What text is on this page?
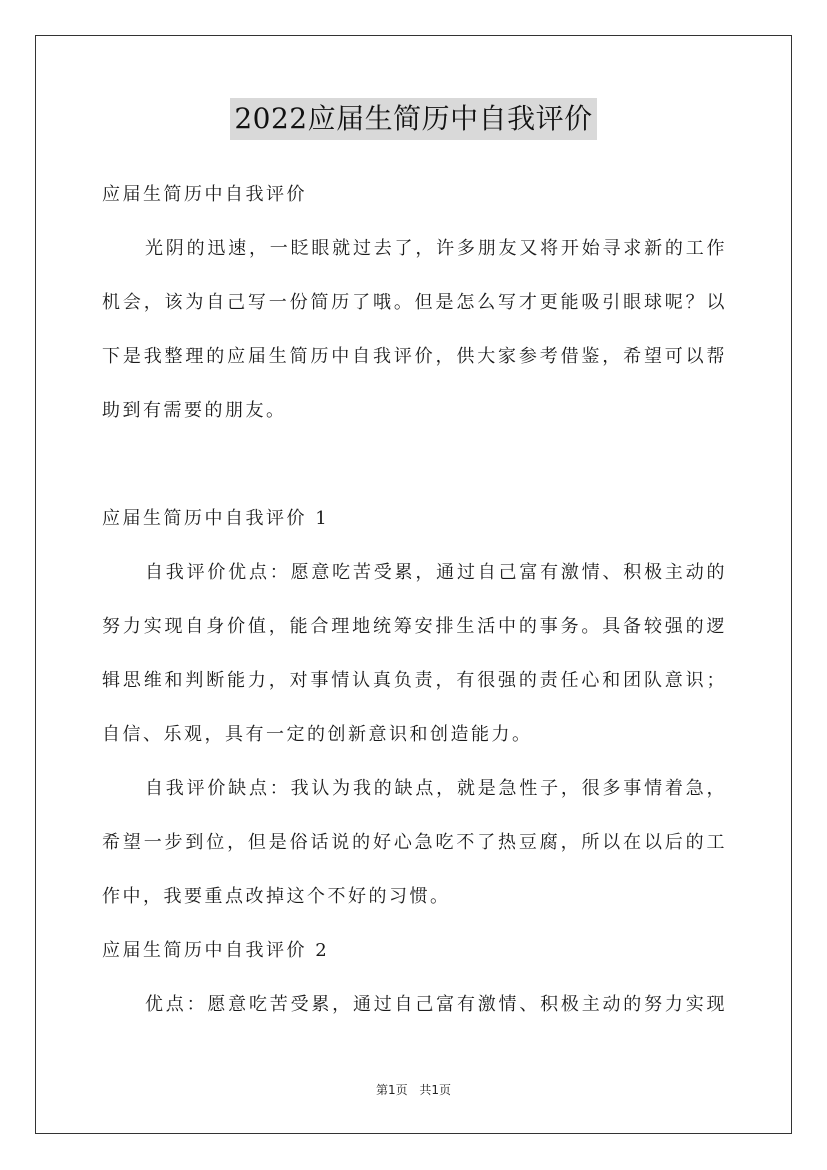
2022应届生简历中自我评价
应届生简历中自我评价
光阴的迅速，一眨眼就过去了，许多朋友又将开始寻求新的工作
机会，该为自己写一份简历了哦。但是怎么写才更能吸引眼球呢？以
下是我整理的应届生简历中自我评价，供大家参考借鉴，希望可以帮
助到有需要的朋友。
应届生简历中自我评价 1
自我评价优点：愿意吃苦受累，通过自己富有激情、积极主动的
努力实现自身价值，能合理地统筹安排生活中的事务。具备较强的逻
辑思维和判断能力，对事情认真负责，有很强的责任心和团队意识；
自信、乐观，具有一定的创新意识和创造能力。
自我评价缺点：我认为我的缺点，就是急性子，很多事情着急，
希望一步到位，但是俗话说的好心急吃不了热豆腐，所以在以后的工
作中，我要重点改掉这个不好的习惯。
应届生简历中自我评价 2
优点：愿意吃苦受累，通过自己富有激情、积极主动的努力实现
第1页 共1页
